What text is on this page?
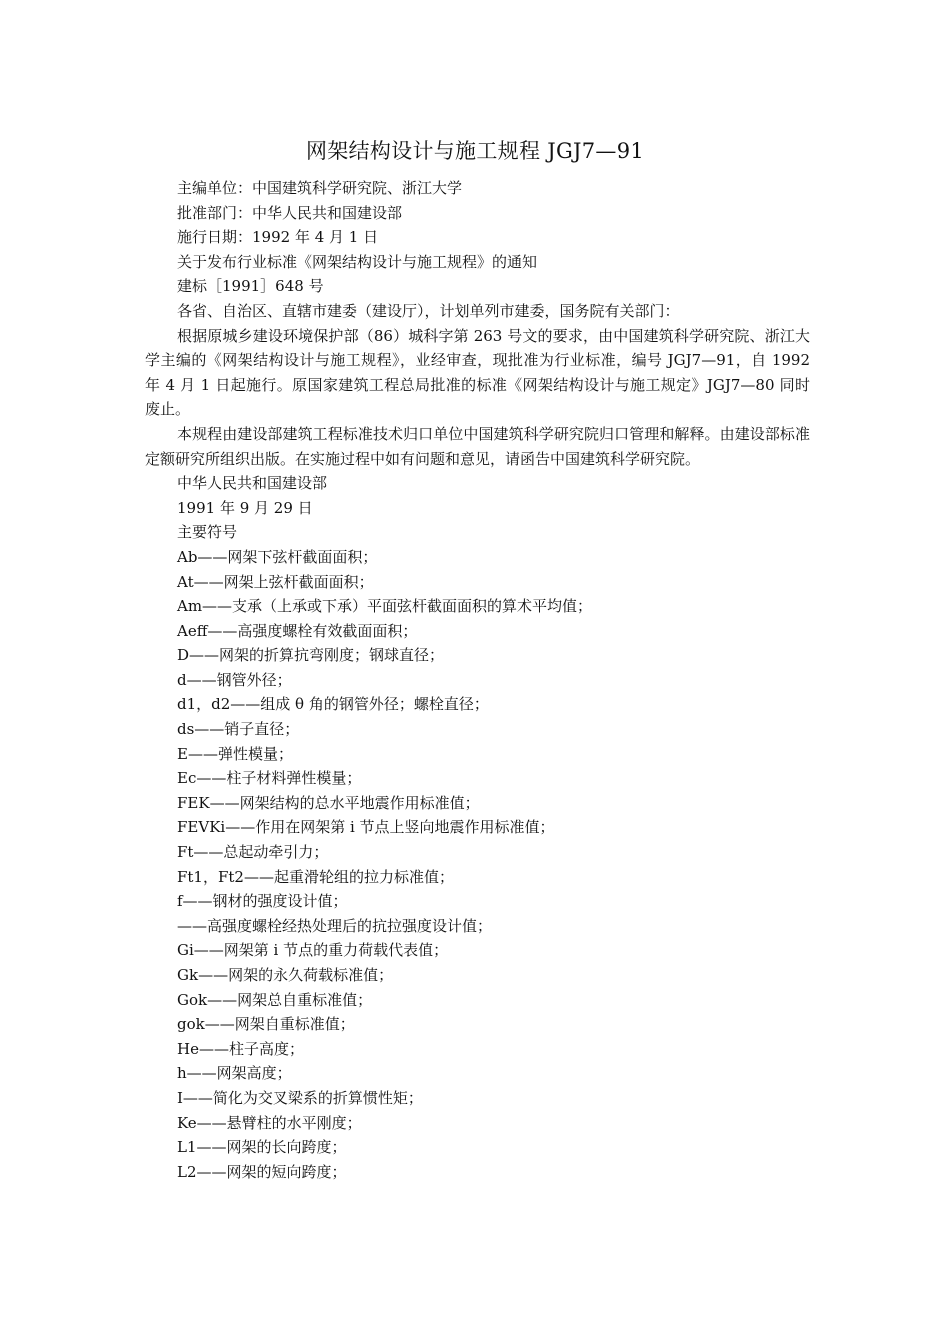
网架结构设计与施工规程 JGJ7—91

主编单位：中国建筑科学研究院、浙江大学

批准部门：中华人民共和国建设部

施行日期：1992 年 4 月 1 日

关于发布行业标准《网架结构设计与施工规程》的通知

建标［1991］648 号

各省、自治区、直辖市建委（建设厅），计划单列市建委，国务院有关部门：

根据原城乡建设环境保护部（86）城科字第 263 号文的要求，由中国建筑科学研究院、浙江大学主编的《网架结构设计与施工规程》，业经审查，现批准为行业标准，编号 JGJ7—91，自 1992 年 4 月 1 日起施行。原国家建筑工程总局批准的标准《网架结构设计与施工规定》JGJ7—80 同时废止。

本规程由建设部建筑工程标准技术归口单位中国建筑科学研究院归口管理和解释。由建设部标准定额研究所组织出版。在实施过程中如有问题和意见，请函告中国建筑科学研究院。

中华人民共和国建设部

1991 年 9 月 29 日

主要符号

Ab——网架下弦杆截面面积；
At——网架上弦杆截面面积；
Am——支承（上承或下承）平面弦杆截面面积的算术平均值；
Aeff——高强度螺栓有效截面面积；
D——网架的折算抗弯刚度；钢球直径；
d——钢管外径；
d1，d2——组成 θ 角的钢管外径；螺栓直径；
ds——销子直径；
E——弹性模量；
Ec——柱子材料弹性模量；
FEK——网架结构的总水平地震作用标准值；
FEVKi——作用在网架第 i 节点上竖向地震作用标准值；
Ft——总起动牵引力；
Ft1，Ft2——起重滑轮组的拉力标准值；
f——钢材的强度设计值；
——高强度螺栓经热处理后的抗拉强度设计值；
Gi——网架第 i 节点的重力荷载代表值；
Gk——网架的永久荷载标准值；
Gok——网架总自重标准值；
gok——网架自重标准值；
He——柱子高度；
h——网架高度；
I——简化为交叉梁系的折算惯性矩；
Ke——悬臂柱的水平刚度；
L1——网架的长向跨度；
L2——网架的短向跨度；
